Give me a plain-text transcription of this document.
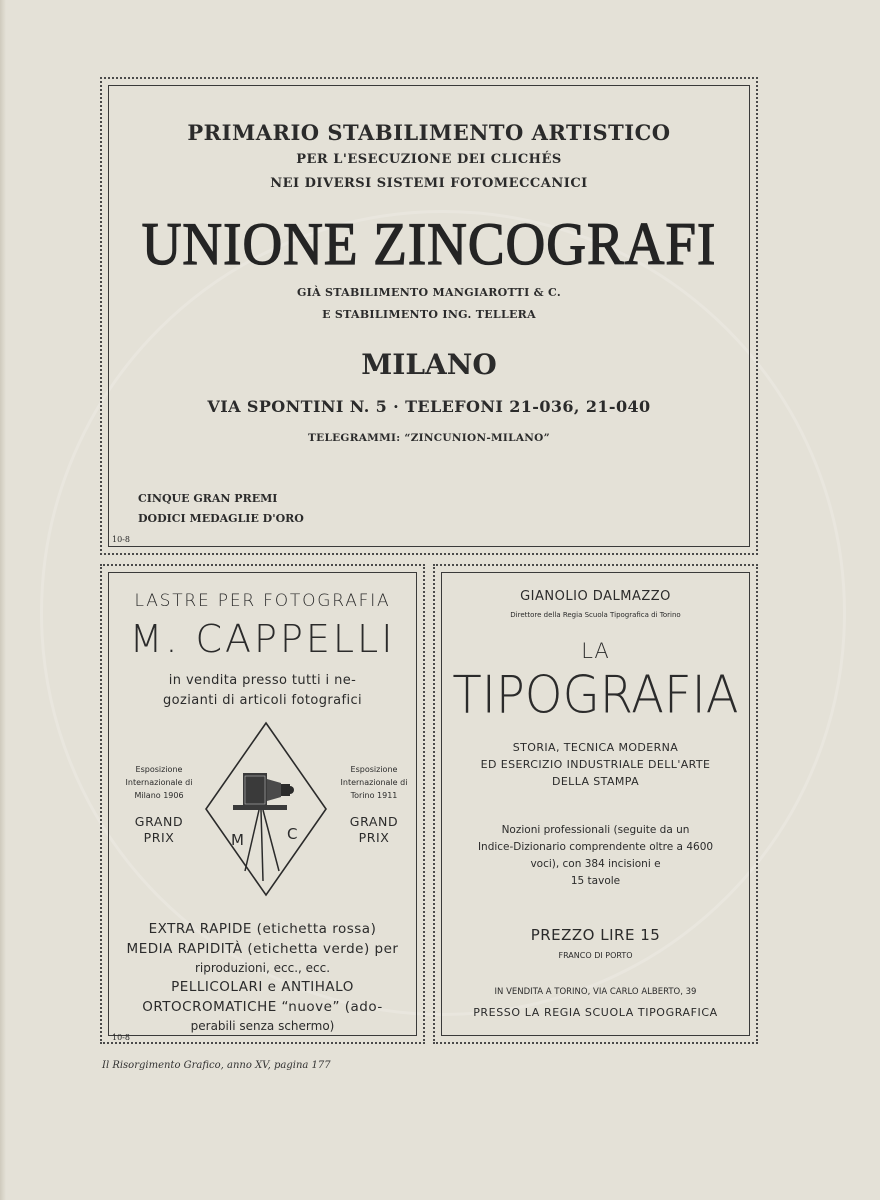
PRIMARIO STABILIMENTO ARTISTICO
PER L'ESECUZIONE DEI CLICHÉS
NEI DIVERSI SISTEMI FOTOMECCANICI
UNIONE ZINCOGRAFI
GIÀ STABILIMENTO MANGIAROTTI & C.
E STABILIMENTO ING. TELLERA
MILANO
VIA SPONTINI N. 5 · TELEFONI 21-036, 21-040
TELEGRAMMI: “ZINCUNION-MILANO”
CINQUE GRAN PREMI
DODICI MEDAGLIE D'ORO
10-8
LASTRE PER FOTOGRAFIA
M. CAPPELLI
in vendita presso tutti i ne-
gozianti di articoli fotografici
Esposizione
Internazionale di
Milano 1906
Esposizione
Internazionale di
Torino 1911
GRAND
PRIX
GRAND
PRIX
M	C
EXTRA RAPIDE (etichetta rossa)
MEDIA RAPIDITÀ (etichetta verde) per
riproduzioni, ecc., ecc.
PELLICOLARI e ANTIHALO
ORTOCROMATICHE “nuove” (ado-
perabili senza schermo)
10-8
GIANOLIO DALMAZZO
Direttore della Regia Scuola Tipografica di Torino
LA
TIPOGRAFIA
STORIA, TECNICA MODERNA
ED ESERCIZIO INDUSTRIALE DELL'ARTE
DELLA STAMPA
Nozioni professionali (seguite da un
Indice-Dizionario comprendente oltre a 4600
voci), con 384 incisioni e
15 tavole
PREZZO LIRE 15
FRANCO DI PORTO
IN VENDITA A TORINO, VIA CARLO ALBERTO, 39
PRESSO LA REGIA SCUOLA TIPOGRAFICA
Il Risorgimento Grafico, anno XV, pagina 177
